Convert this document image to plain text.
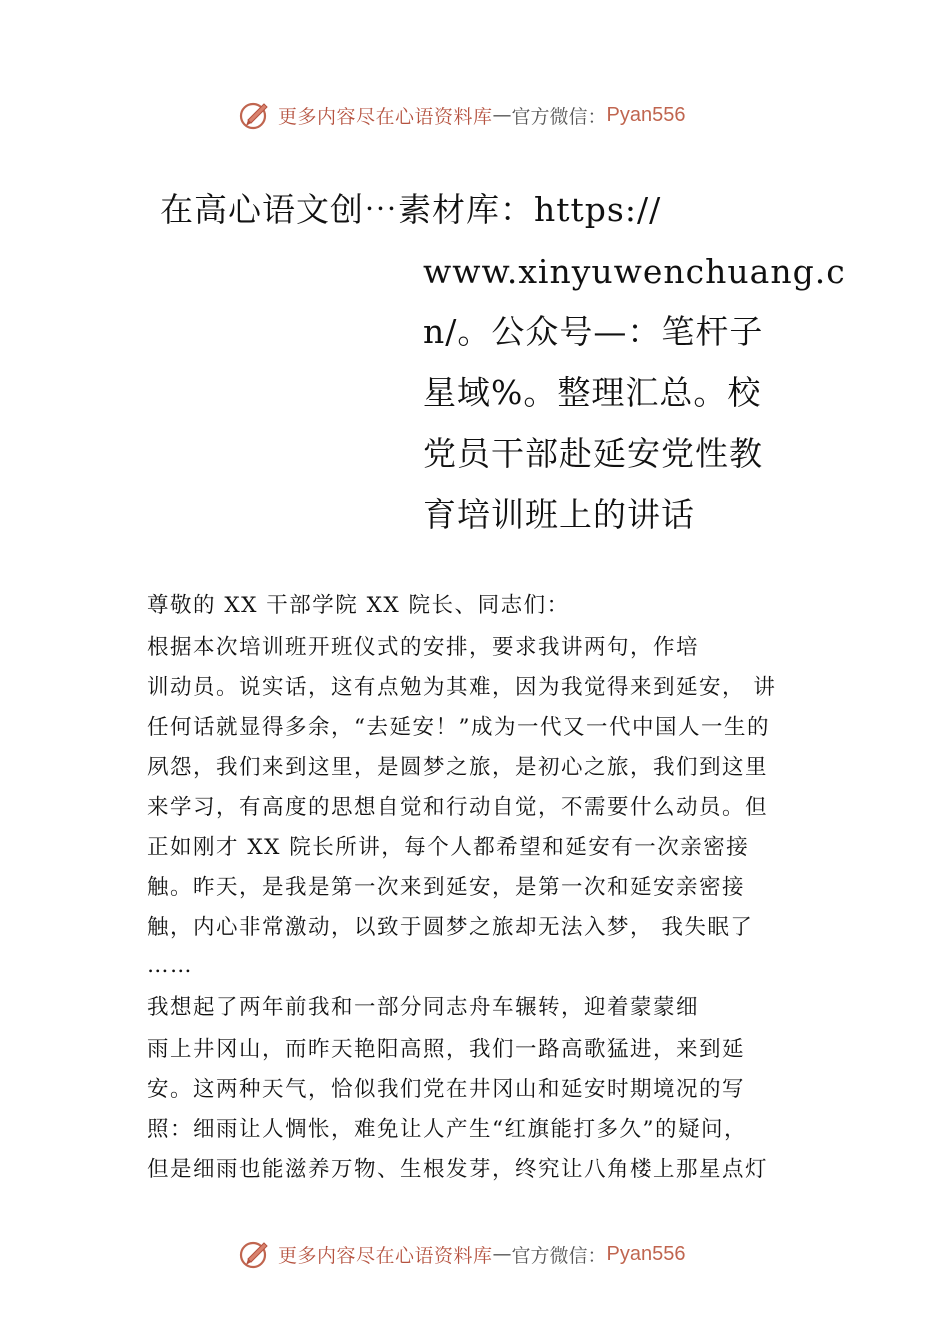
更多内容尽在心语资料库 — 官方微信： Pyan556
在高心语文创⋯素材库：https://
www.xinyuwenchuang.c
n/。公众号—：笔杆子
星域%。整理汇总。校
党员干部赴延安党性教
育培训班上的讲话
尊敬的 XX 干部学院 XX 院长、同志们：
根据本次培训班开班仪式的安排，要求我讲两句，作培
训动员。说实话，这有点勉为其难，因为我觉得来到延安， 讲
任何话就显得多余，“去延安！”成为一代又一代中国人一生的
夙怨，我们来到这里，是圆梦之旅，是初心之旅，我们到这里
来学习，有高度的思想自觉和行动自觉，不需要什么动员。但
正如刚才 XX 院长所讲，每个人都希望和延安有一次亲密接
触。昨天，是我是第一次来到延安，是第一次和延安亲密接
触，内心非常激动，以致于圆梦之旅却无法入梦， 我失眠了
……
我想起了两年前我和一部分同志舟车辗转，迎着蒙蒙细
雨上井冈山，而昨天艳阳高照，我们一路高歌猛进，来到延
安。这两种天气，恰似我们党在井冈山和延安时期境况的写
照：细雨让人惆怅，难免让人产生“红旗能打多久”的疑问，
但是细雨也能滋养万物、生根发芽，终究让八角楼上那星点灯
更多内容尽在心语资料库 — 官方微信： Pyan556
